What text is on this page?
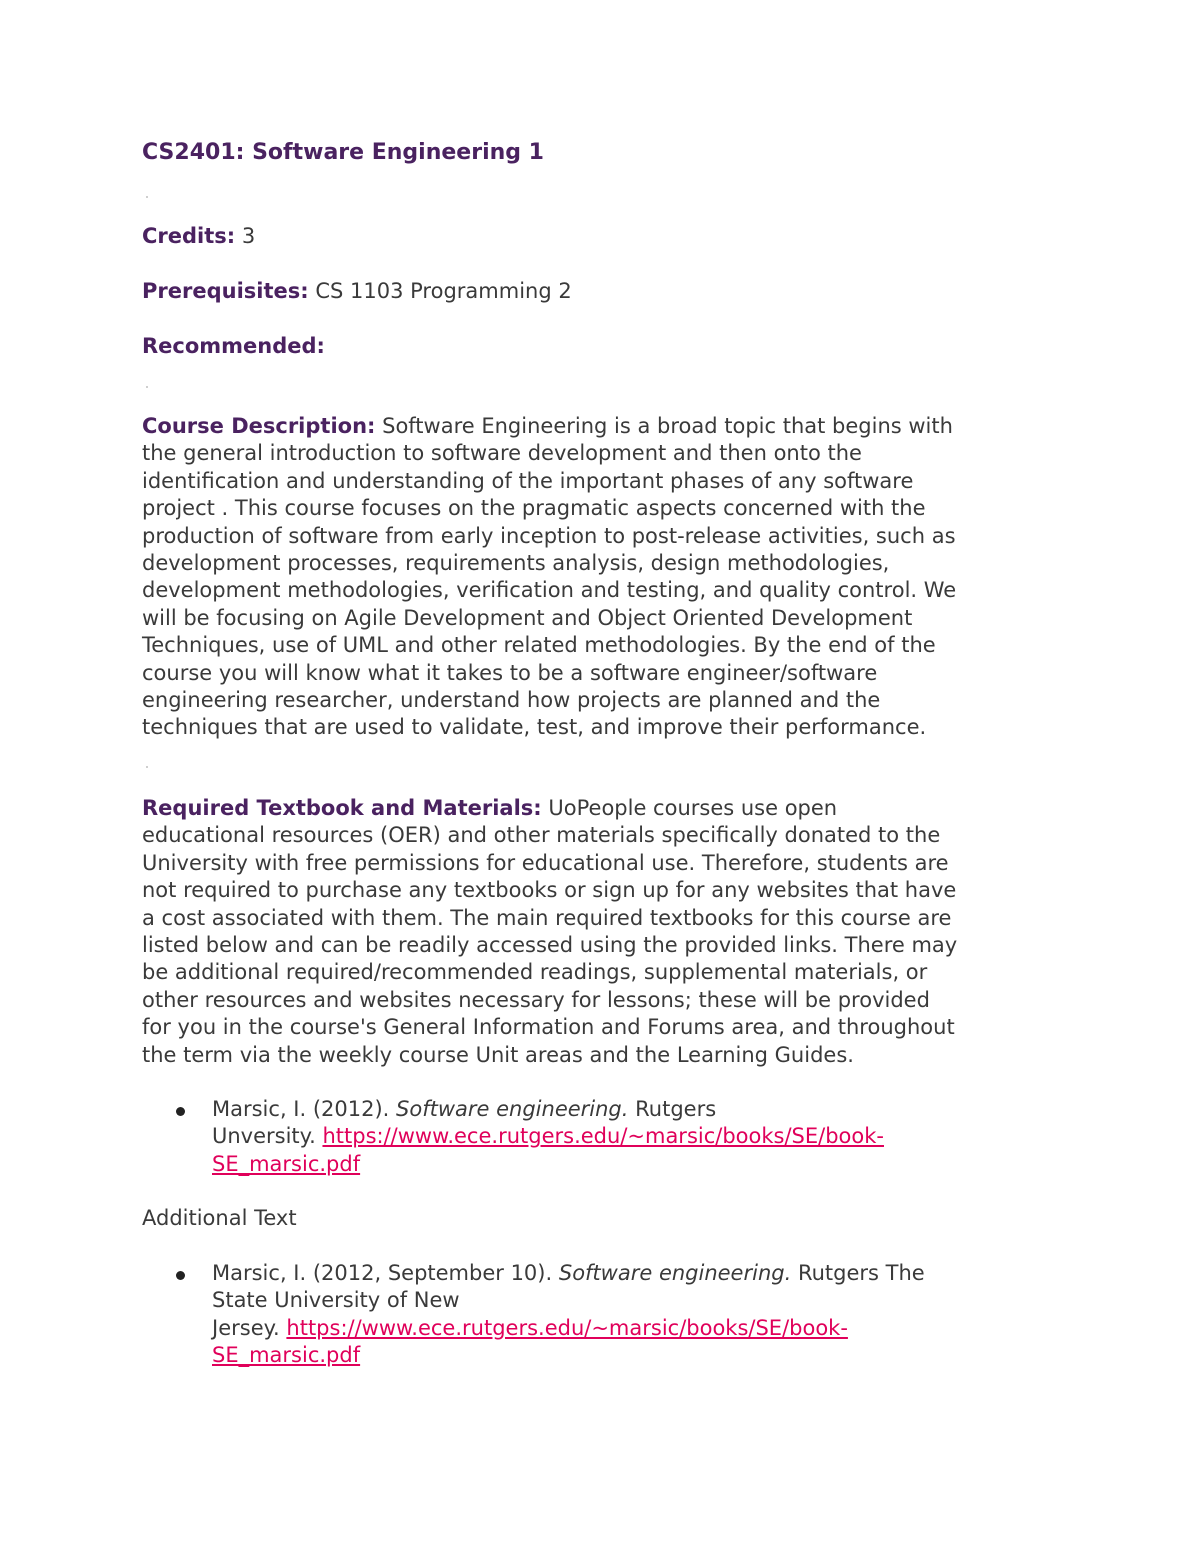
CS2401: Software Engineering 1
Credits: 3
Prerequisites: CS 1103 Programming 2
Recommended:
Course Description: Software Engineering is a broad topic that begins with
the general introduction to software development and then onto the
identification and understanding of the important phases of any software
project . This course focuses on the pragmatic aspects concerned with the
production of software from early inception to post-release activities, such as
development processes, requirements analysis, design methodologies,
development methodologies, verification and testing, and quality control. We
will be focusing on Agile Development and Object Oriented Development
Techniques, use of UML and other related methodologies. By the end of the
course you will know what it takes to be a software engineer/software
engineering researcher, understand how projects are planned and the
techniques that are used to validate, test, and improve their performance.
Required Textbook and Materials: UoPeople courses use open
educational resources (OER) and other materials specifically donated to the
University with free permissions for educational use. Therefore, students are
not required to purchase any textbooks or sign up for any websites that have
a cost associated with them. The main required textbooks for this course are
listed below and can be readily accessed using the provided links. There may
be additional required/recommended readings, supplemental materials, or
other resources and websites necessary for lessons; these will be provided
for you in the course's General Information and Forums area, and throughout
the term via the weekly course Unit areas and the Learning Guides.
Marsic, I. (2012). Software engineering. Rutgers
Unversity. https://www.ece.rutgers.edu/~marsic/books/SE/book-
SE_marsic.pdf
Additional Text
Marsic, I. (2012, September 10). Software engineering. Rutgers The
State University of New
Jersey. https://www.ece.rutgers.edu/~marsic/books/SE/book-
SE_marsic.pdf
